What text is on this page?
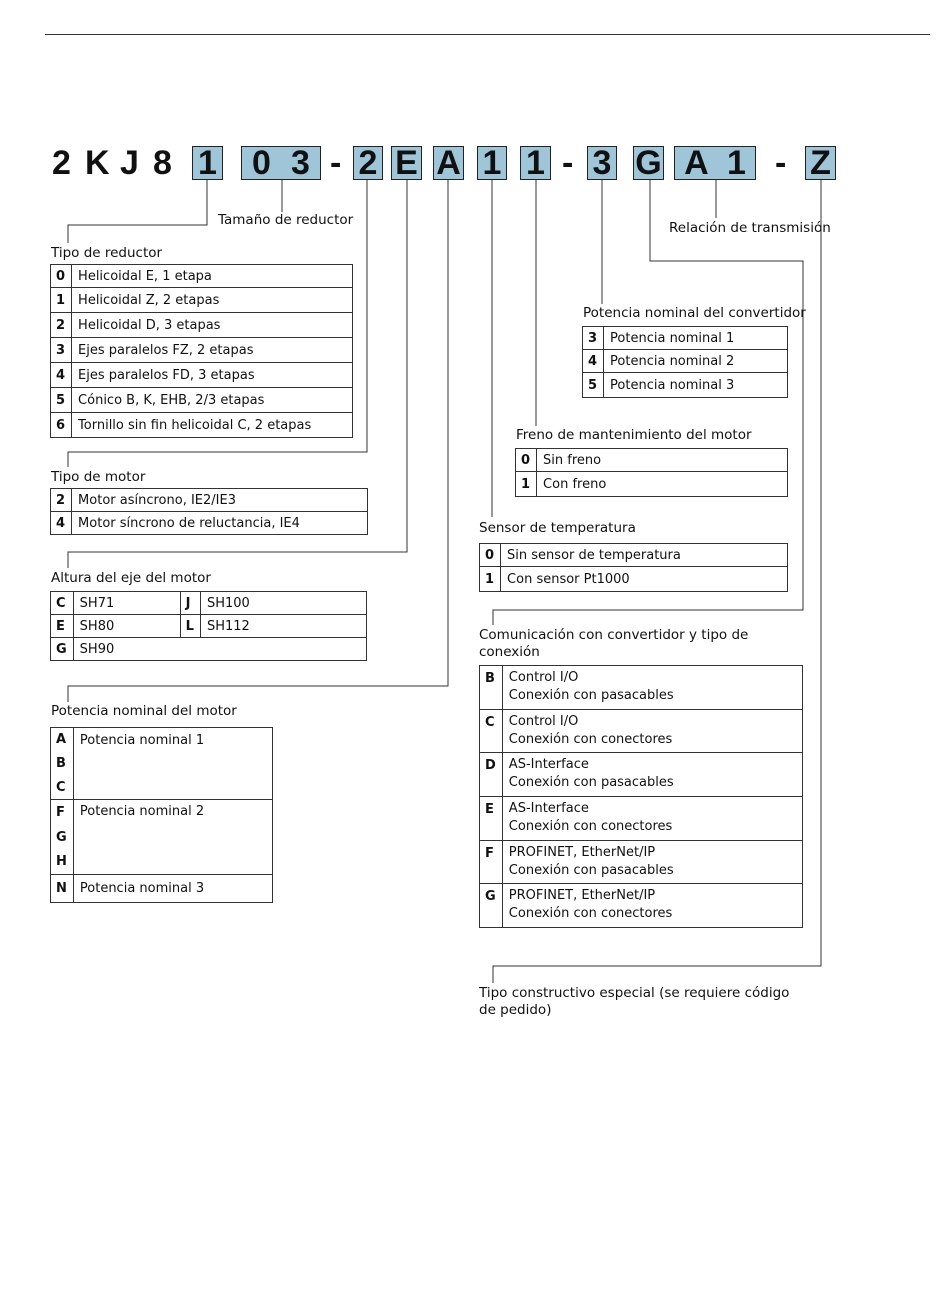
2 K J 8 1 0 3 - 2 E A 1 1 - 3 G A 1 - Z
Tamaño de reductor	Relación de transmisión
Tipo de reductor
0	Helicoidal E, 1 etapa
1	Helicoidal Z, 2 etapas
2	Helicoidal D, 3 etapas
3	Ejes paralelos FZ, 2 etapas
4	Ejes paralelos FD, 3 etapas
5	Cónico B, K, EHB, 2/3 etapas
6	Tornillo sin fin helicoidal C, 2 etapas
Tipo de motor
2	Motor asíncrono, IE2/IE3
4	Motor síncrono de reluctancia, IE4
Altura del eje del motor
C	SH71	J	SH100
E	SH80	L	SH112
G	SH90		
Potencia nominal del motor
A	Potencia nominal 1
B	
C	
F	Potencia nominal 2
G	
H	
N	Potencia nominal 3
Potencia nominal del convertidor
3	Potencia nominal 1
4	Potencia nominal 2
5	Potencia nominal 3
Freno de mantenimiento del motor
0	Sin freno
1	Con freno
Sensor de temperatura
0	Sin sensor de temperatura
1	Con sensor Pt1000
Comunicación con convertidor y tipo de conexión
B	Control I/O
Conexión con pasacables

C	Control I/O
Conexión con conectores

D	AS-Interface
Conexión con pasacables

E	AS-Interface
Conexión con conectores

F	PROFINET, EtherNet/IP
Conexión con pasacables

G	PROFINET, EtherNet/IP
Conexión con conectores
Tipo constructivo especial (se requiere código de pedido)
